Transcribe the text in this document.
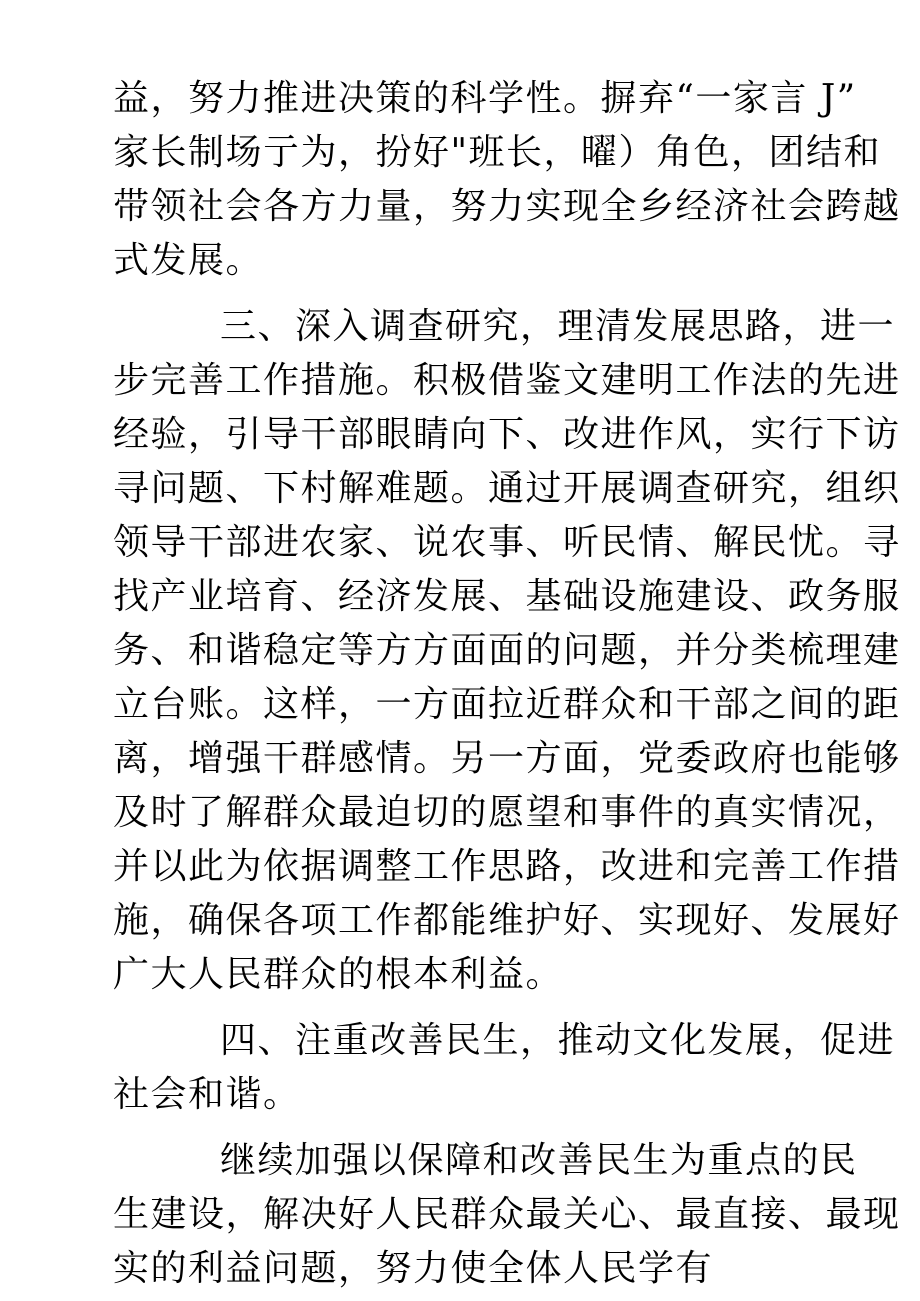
益，努力推进决策的科学性。摒弃“一家言 J”
家长制场亍为，扮好"班长，曜）角色，团结和
带领社会各方力量，努力实现全乡经济社会跨越
式发展。
三、深入调查研究，理清发展思路，进一
步完善工作措施。积极借鉴文建明工作法的先进
经验，引导干部眼睛向下、改进作风，实行下访
寻问题、下村解难题。通过开展调查研究，组织
领导干部进农家、说农事、听民情、解民忧。寻
找产业培育、经济发展、基础设施建设、政务服
务、和谐稳定等方方面面的问题，并分类梳理建
立台账。这样，一方面拉近群众和干部之间的距
离，增强干群感情。另一方面，党委政府也能够
及时了解群众最迫切的愿望和事件的真实情况，
并以此为依据调整工作思路，改进和完善工作措
施，确保各项工作都能维护好、实现好、发展好
广大人民群众的根本利益。
四、注重改善民生，推动文化发展，促进
社会和谐。
继续加强以保障和改善民生为重点的民
生建设，解决好人民群众最关心、最直接、最现
实的利益问题，努力使全体人民学有
